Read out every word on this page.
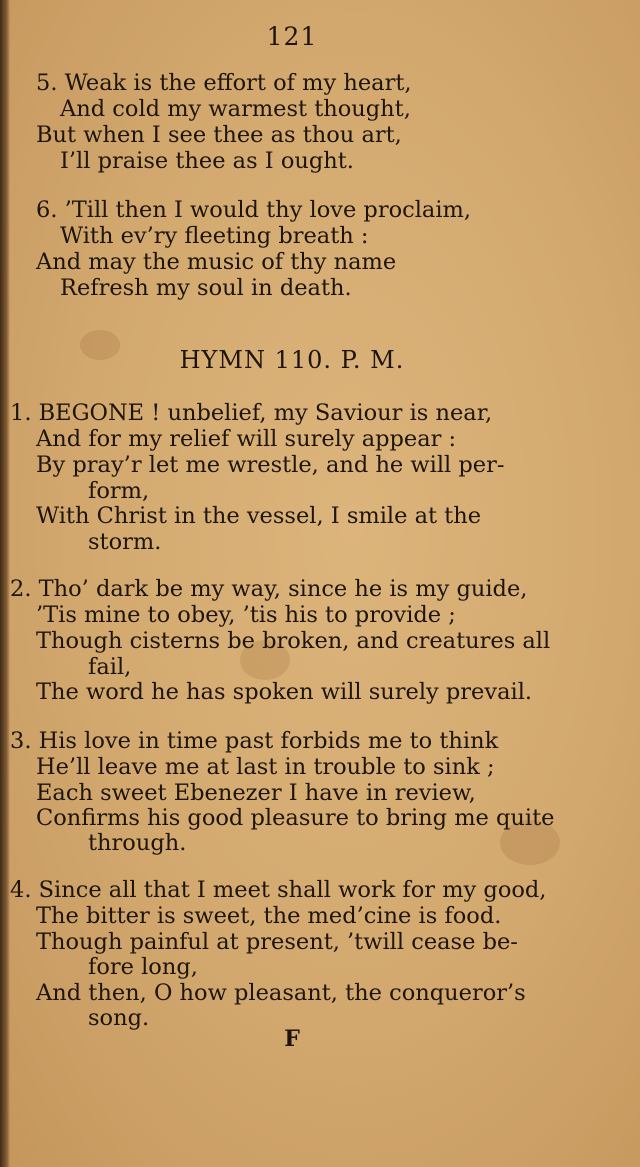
121
5. Weak is the effort of my heart,
And cold my warmest thought,
But when I see thee as thou art,
I’ll praise thee as I ought.
6. ’Till then I would thy love proclaim,
With ev’ry fleeting breath :
And may the music of thy name
Refresh my soul in death.
HYMN 110. P. M.
1. BEGONE ! unbelief, my Saviour is near,
And for my relief will surely appear :
By pray’r let me wrestle, and he will per-
form,
With Christ in the vessel, I smile at the
storm.
2. Tho’ dark be my way, since he is my guide,
’Tis mine to obey, ’tis his to provide ;
Though cisterns be broken, and creatures all
fail,
The word he has spoken will surely prevail.
3. His love in time past forbids me to think
He’ll leave me at last in trouble to sink ;
Each sweet Ebenezer I have in review,
Confirms his good pleasure to bring me quite
through.
4. Since all that I meet shall work for my good,
The bitter is sweet, the med’cine is food.
Though painful at present, ’twill cease be-
fore long,
And then, O how pleasant, the conqueror’s
song.
F
